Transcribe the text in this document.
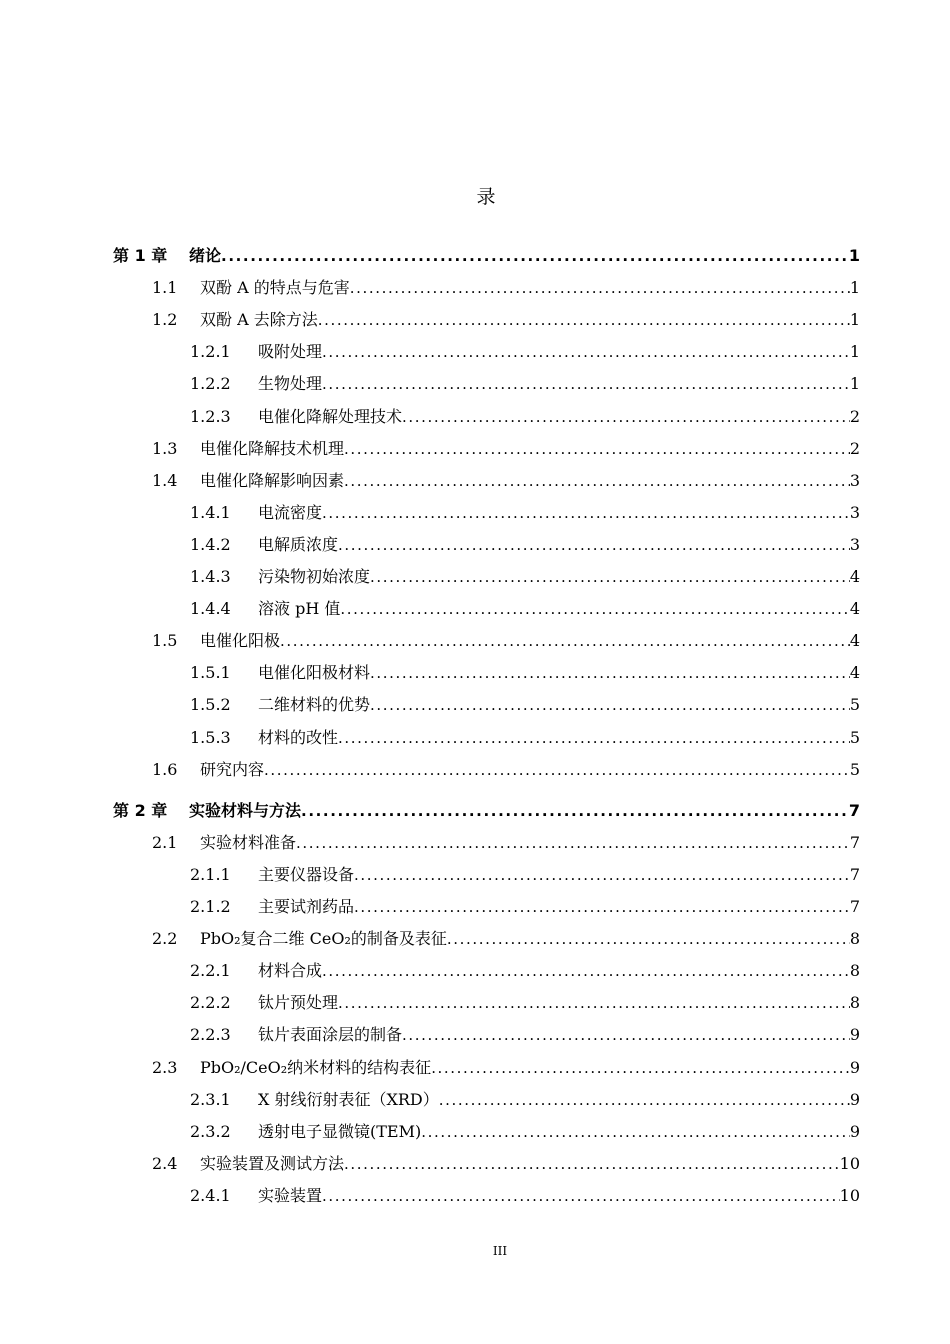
录
第 1 章	绪论 .....	1
1.1	双酚 A 的特点与危害 .....	1
1.2	双酚 A 去除方法 .....	1
1.2.1	吸附处理 .....	1
1.2.2	生物处理 .....	1
1.2.3	电催化降解处理技术 .....	2
1.3	电催化降解技术机理 .....	2
1.4	电催化降解影响因素 .....	3
1.4.1	电流密度 .....	3
1.4.2	电解质浓度 .....	3
1.4.3	污染物初始浓度 .....	4
1.4.4	溶液 pH 值 .....	4
1.5	电催化阳极 .....	4
1.5.1	电催化阳极材料 .....	4
1.5.2	二维材料的优势 .....	5
1.5.3	材料的改性 .....	5
1.6	研究内容 .....	5
第 2 章	实验材料与方法 .....	7
2.1	实验材料准备 .....	7
2.1.1	主要仪器设备 .....	7
2.1.2	主要试剂药品 .....	7
2.2	PbO₂复合二维 CeO₂的制备及表征 .....	8
2.2.1	材料合成 .....	8
2.2.2	钛片预处理 .....	8
2.2.3	钛片表面涂层的制备 .....	9
2.3	PbO₂/CeO₂纳米材料的结构表征 .....	9
2.3.1	X 射线衍射表征（XRD） .....	9
2.3.2	透射电子显微镜(TEM) .....	9
2.4	实验装置及测试方法 .....	10
2.4.1	实验装置 .....	10
III
